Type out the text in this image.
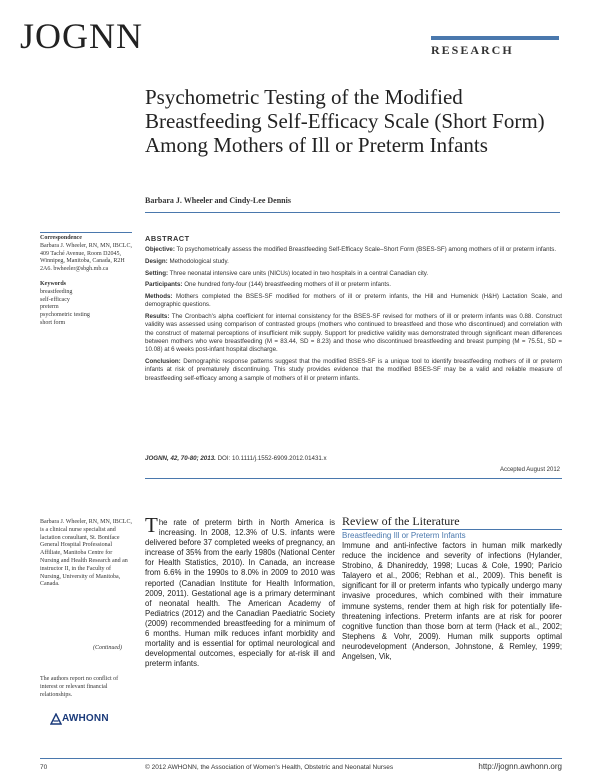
JOGNN	RESEARCH
Psychometric Testing of the Modified Breastfeeding Self-Efficacy Scale (Short Form) Among Mothers of Ill or Preterm Infants
Barbara J. Wheeler and Cindy-Lee Dennis
Correspondence
Barbara J. Wheeler, RN, MN, IBCLC, 409 Taché Avenue, Room D2045, Winnipeg, Manitoba, Canada, R2H 2A6. bwheeler@sbgh.mb.ca
Keywords
breastfeeding
self-efficacy
preterm
psychometric testing
short form
ABSTRACT

Objective: To psychometrically assess the modified Breastfeeding Self-Efficacy Scale–Short Form (BSES-SF) among mothers of ill or preterm infants.

Design: Methodological study.

Setting: Three neonatal intensive care units (NICUs) located in two hospitals in a central Canadian city.

Participants: One hundred forty-four (144) breastfeeding mothers of ill or preterm infants.

Methods: Mothers completed the BSES-SF modified for mothers of ill or preterm infants, the Hill and Humenick (H&H) Lactation Scale, and demographic questions.

Results: The Cronbach's alpha coefficient for internal consistency for the BSES-SF revised for mothers of ill or preterm infants was 0.88. Construct validity was assessed using comparison of contrasted groups (mothers who continued to breastfeed and those who discontinued) and correlation with the construct of maternal perceptions of insufficient milk supply. Support for predictive validity was demonstrated through significant mean differences between mothers who were breastfeeding (M = 83.44, SD = 8.23) and those who discontinued breastfeeding and breast pumping (M = 75.51, SD = 10.08) at 6 weeks post-infant hospital discharge.

Conclusion: Demographic response patterns suggest that the modified BSES-SF is a unique tool to identify breastfeeding mothers of ill or preterm infants at risk of prematurely discontinuing. This study provides evidence that the modified BSES-SF may be a valid and reliable measure of breastfeeding self-efficacy among a sample of mothers of ill or preterm infants.

JOGNN, 42, 70-80; 2013. DOI: 10.1111/j.1552-6909.2012.01431.x
Accepted August 2012
Barbara J. Wheeler, RN, MN, IBCLC, is a clinical nurse specialist and lactation consultant, St. Boniface General Hospital Professional Affiliate, Manitoba Centre for Nursing and Health Research and an instructor II, in the Faculty of Nursing, University of Manitoba, Canada.
(Continued)
The authors report no conflict of interest or relevant financial relationships.
AWHONN
The rate of preterm birth in North America is increasing. In 2008, 12.3% of U.S. infants were delivered before 37 completed weeks of pregnancy, an increase of 35% from the early 1980s (National Center for Health Statistics, 2010). In Canada, an increase from 6.6% in the 1990s to 8.0% in 2009 to 2010 was reported (Canadian Institute for Health Information, 2009, 2011). Gestational age is a primary determinant of neonatal health. The American Academy of Pediatrics (2012) and the Canadian Paediatric Society (2009) recommended breastfeeding for a minimum of 6 months. Human milk reduces infant morbidity and mortality and is essential for optimal neurological and developmental outcomes, especially for at-risk ill and preterm infants.
Review of the Literature
Breastfeeding Ill or Preterm Infants
Immune and anti-infective factors in human milk markedly reduce the incidence and severity of infections (Hylander, Strobino, & Dhanireddy, 1998; Lucas & Cole, 1990; Paricio Talayero et al., 2006; Rebhan et al., 2009). This benefit is significant for ill or preterm infants who typically undergo many invasive procedures, which combined with their immature immune systems, render them at high risk for potentially life-threatening infections. Preterm infants are at risk for poorer cognitive function than those born at term (Hack et al., 2002; Stephens & Vohr, 2009). Human milk supports optimal neurodevelopment (Anderson, Johnstone, & Remley, 1999; Angelsen, Vik,
70	© 2012 AWHONN, the Association of Women's Health, Obstetric and Neonatal Nurses	http://jognn.awhonn.org
